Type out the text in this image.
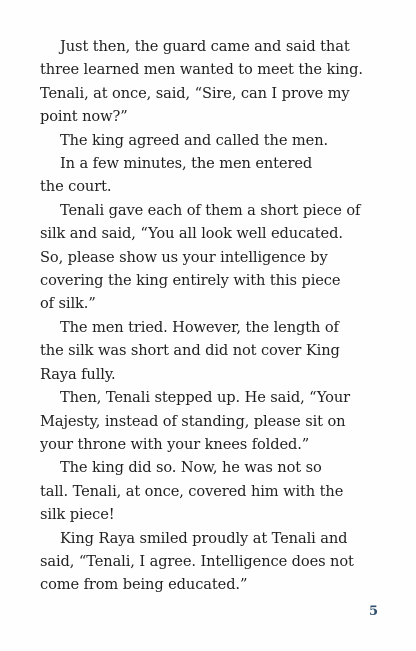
Just then, the guard came and said that
three learned men wanted to meet the king.
Tenali, at once, said, “Sire, can I prove my
point now?”
The king agreed and called the men.
In a few minutes, the men entered
the court.
Tenali gave each of them a short piece of
silk and said, “You all look well educated.
So, please show us your intelligence by
covering the king entirely with this piece
of silk.”
The men tried. However, the length of
the silk was short and did not cover King
Raya fully.
Then, Tenali stepped up. He said, “Your
Majesty, instead of standing, please sit on
your throne with your knees folded.”
The king did so. Now, he was not so
tall. Tenali, at once, covered him with the
silk piece!
King Raya smiled proudly at Tenali and
said, “Tenali, I agree. Intelligence does not
come from being educated.”
5
